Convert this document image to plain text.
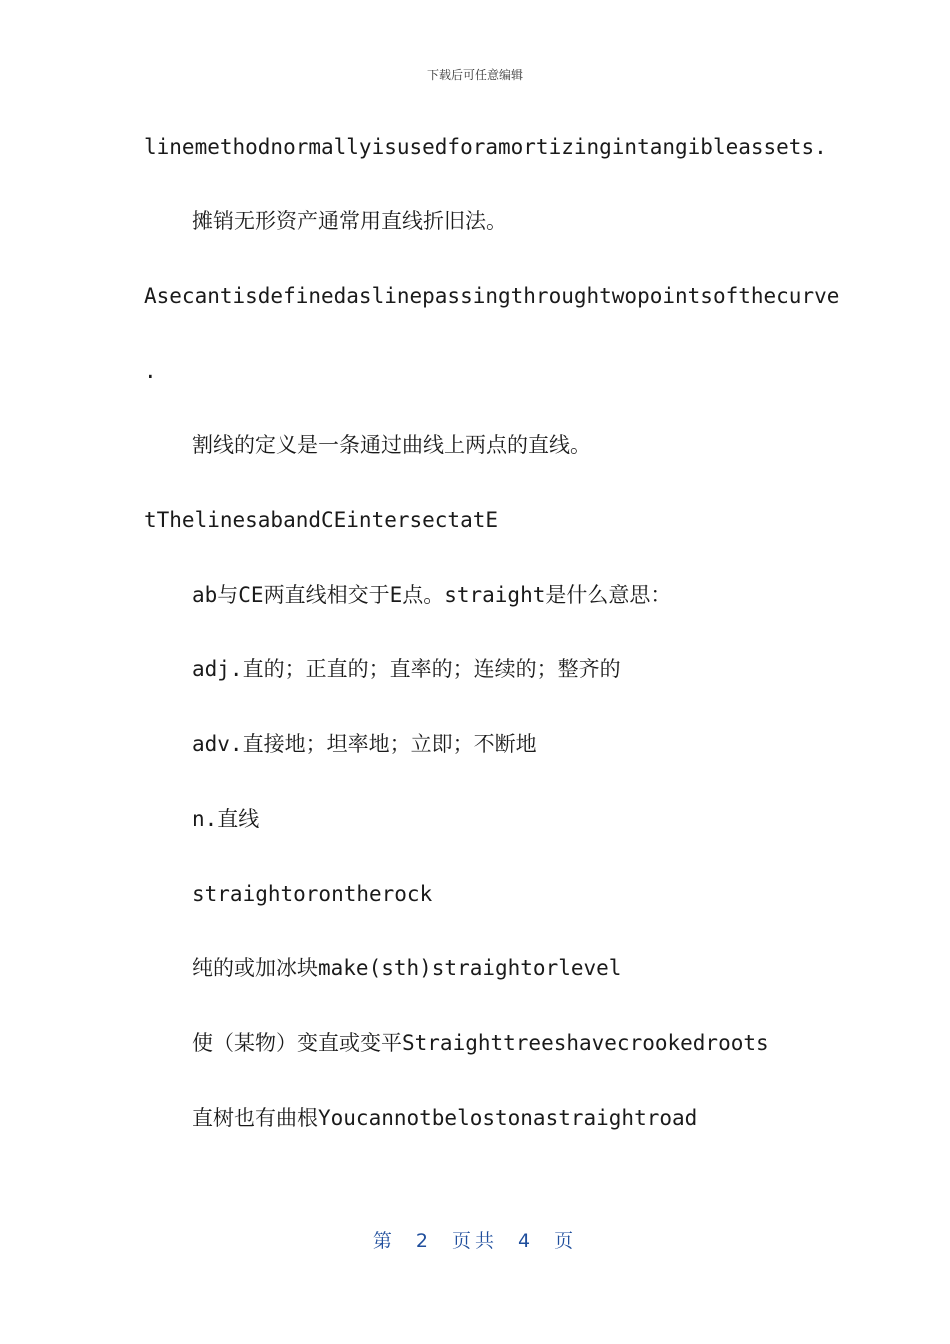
下载后可任意编辑
linemethodnormallyisusedforamortizingintangibleassets.
摊销无形资产通常用直线折旧法。
Asecantisdefinedaslinepassingthroughtwopointsofthecurve
.
割线的定义是一条通过曲线上两点的直线。
tThelinesabandCEintersectatE
ab与CE两直线相交于E点。straight是什么意思：
adj.直的；正直的；直率的；连续的；整齐的
adv.直接地；坦率地；立即；不断地
n.直线
straightorontherock
纯的或加冰块make(sth)straightorlevel
使（某物）变直或变平Straighttreeshavecrookedroots
直树也有曲根Youcannotbelostonastraightroad
第 2 页共 4 页
